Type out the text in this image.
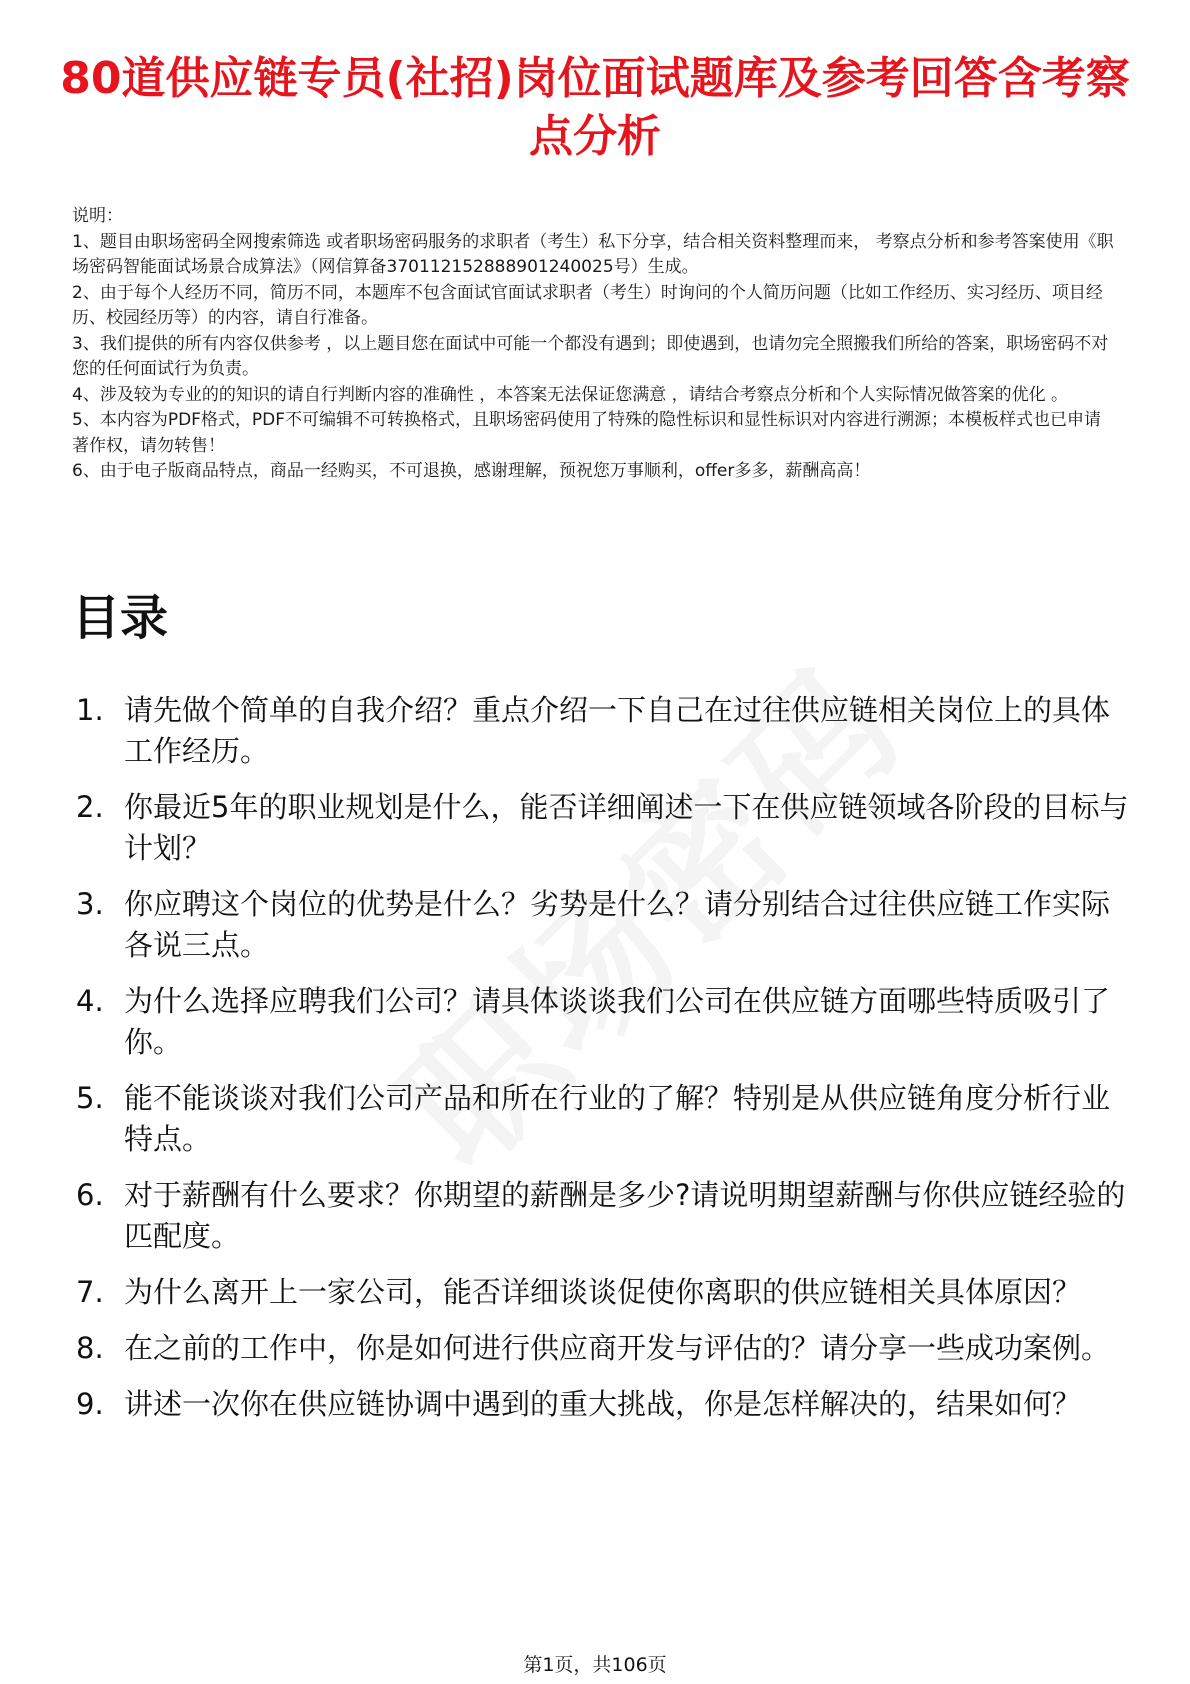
80道供应链专员(社招)岗位面试题库及参考回答含考察点分析

说明：

1、题目由职场密码全网搜索筛选 或者职场密码服务的求职者（考生）私下分享，结合相关资料整理而来， 考察点分析和参考答案使用《职场密码智能面试场景合成算法》（网信算备370112152888901240025号）生成。

2、由于每个人经历不同，简历不同，本题库不包含面试官面试求职者（考生）时询问的个人简历问题（比如工作经历、实习经历、项目经历、校园经历等）的内容，请自行准备。

3、我们提供的所有内容仅供参考 ，以上题目您在面试中可能一个都没有遇到；即使遇到，也请勿完全照搬我们所给的答案，职场密码不对您的任何面试行为负责。

4、涉及较为专业的的知识的请自行判断内容的准确性 ，本答案无法保证您满意 ，请结合考察点分析和个人实际情况做答案的优化 。

5、本内容为PDF格式，PDF不可编辑不可转换格式，且职场密码使用了特殊的隐性标识和显性标识对内容进行溯源；本模板样式也已申请著作权，请勿转售！

6、由于电子版商品特点，商品一经购买，不可退换，感谢理解，预祝您万事顺利，offer多多，薪酬高高！

目录
1. 请先做个简单的自我介绍？重点介绍一下自己在过往供应链相关岗位上的具体工作经历。
2. 你最近5年的职业规划是什么，能否详细阐述一下在供应链领域各阶段的目标与计划？
3. 你应聘这个岗位的优势是什么？劣势是什么？请分别结合过往供应链工作实际各说三点。
4. 为什么选择应聘我们公司？请具体谈谈我们公司在供应链方面哪些特质吸引了你。
5. 能不能谈谈对我们公司产品和所在行业的了解？特别是从供应链角度分析行业特点。
6. 对于薪酬有什么要求？你期望的薪酬是多少?请说明期望薪酬与你供应链经验的匹配度。
7. 为什么离开上一家公司，能否详细谈谈促使你离职的供应链相关具体原因？
8. 在之前的工作中，你是如何进行供应商开发与评估的？请分享一些成功案例。
9. 讲述一次你在供应链协调中遇到的重大挑战，你是怎样解决的，结果如何？
第1页，共106页
